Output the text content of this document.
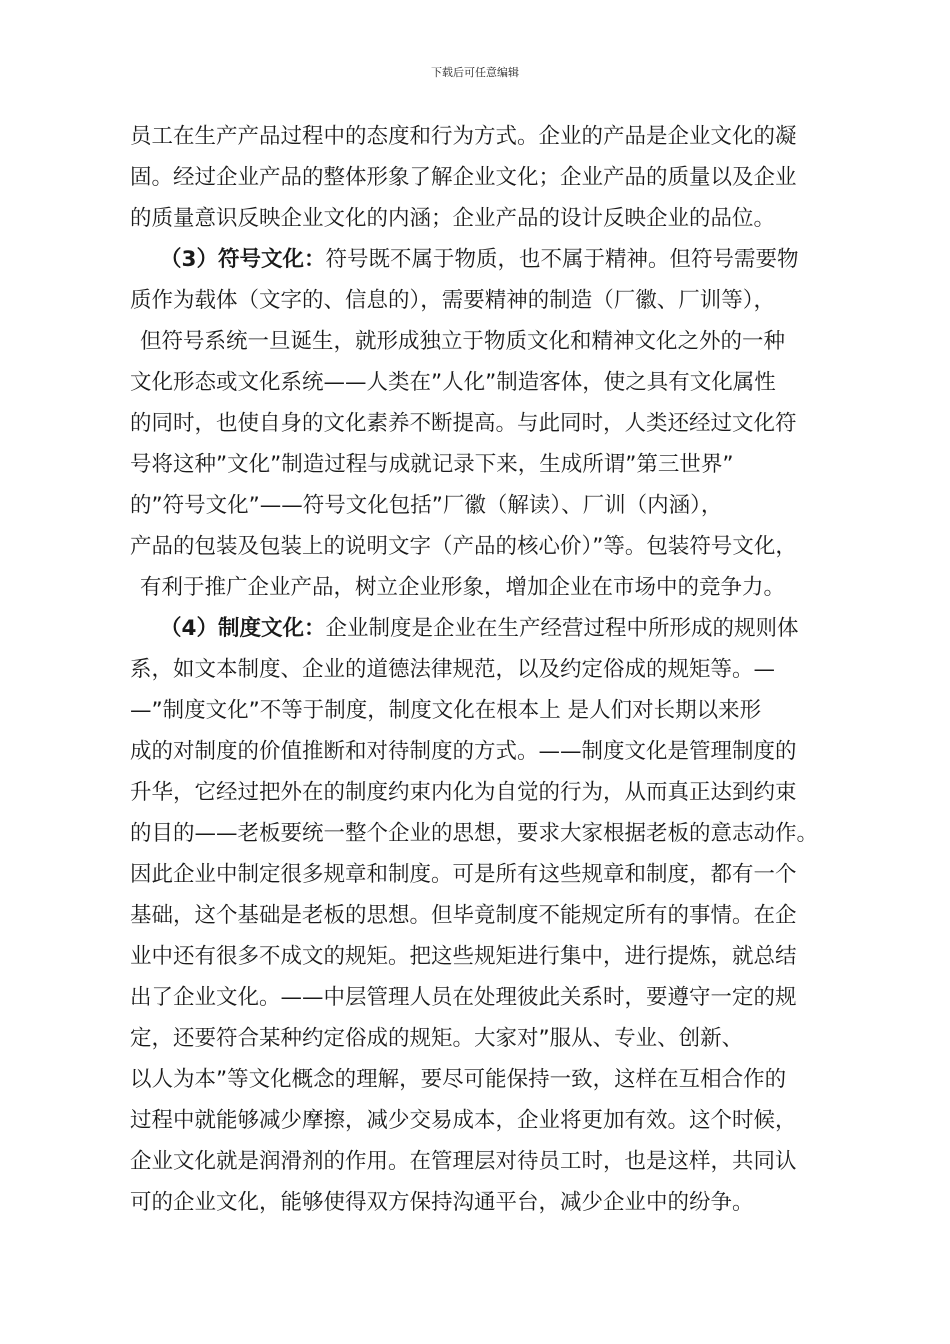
下载后可任意编辑
员工在生产产品过程中的态度和行为方式。企业的产品是企业文化的凝
固。经过企业产品的整体形象了解企业文化；企业产品的质量以及企业
的质量意识反映企业文化的内涵；企业产品的设计反映企业的品位。
（3）符号文化：符号既不属于物质，也不属于精神。但符号需要物
质作为载体（文字的、信息的），需要精神的制造（厂徽、厂训等），
但符号系统一旦诞生，就形成独立于物质文化和精神文化之外的一种
文化形态或文化系统——人类在”人化”制造客体，使之具有文化属性
的同时，也使自身的文化素养不断提高。与此同时，人类还经过文化符
号将这种”文化”制造过程与成就记录下来，生成所谓”第三世界”
的”符号文化”——符号文化包括”厂徽（解读）、厂训（内涵），
产品的包装及包装上的说明文字（产品的核心价）”等。包装符号文化，
有利于推广企业产品，树立企业形象，增加企业在市场中的竞争力。
（4）制度文化：企业制度是企业在生产经营过程中所形成的规则体
系，如文本制度、企业的道德法律规范，以及约定俗成的规矩等。—
—”制度文化”不等于制度，制度文化在根本上 是人们对长期以来形
成的对制度的价值推断和对待制度的方式。——制度文化是管理制度的
升华，它经过把外在的制度约束内化为自觉的行为，从而真正达到约束
的目的——老板要统一整个企业的思想，要求大家根据老板的意志动作。
因此企业中制定很多规章和制度。可是所有这些规章和制度，都有一个
基础，这个基础是老板的思想。但毕竟制度不能规定所有的事情。在企
业中还有很多不成文的规矩。把这些规矩进行集中，进行提炼，就总结
出了企业文化。——中层管理人员在处理彼此关系时，要遵守一定的规
定，还要符合某种约定俗成的规矩。大家对”服从、专业、创新、
以人为本”等文化概念的理解，要尽可能保持一致，这样在互相合作的
过程中就能够减少摩擦，减少交易成本，企业将更加有效。这个时候，
企业文化就是润滑剂的作用。在管理层对待员工时，也是这样，共同认
可的企业文化，能够使得双方保持沟通平台，减少企业中的纷争。
